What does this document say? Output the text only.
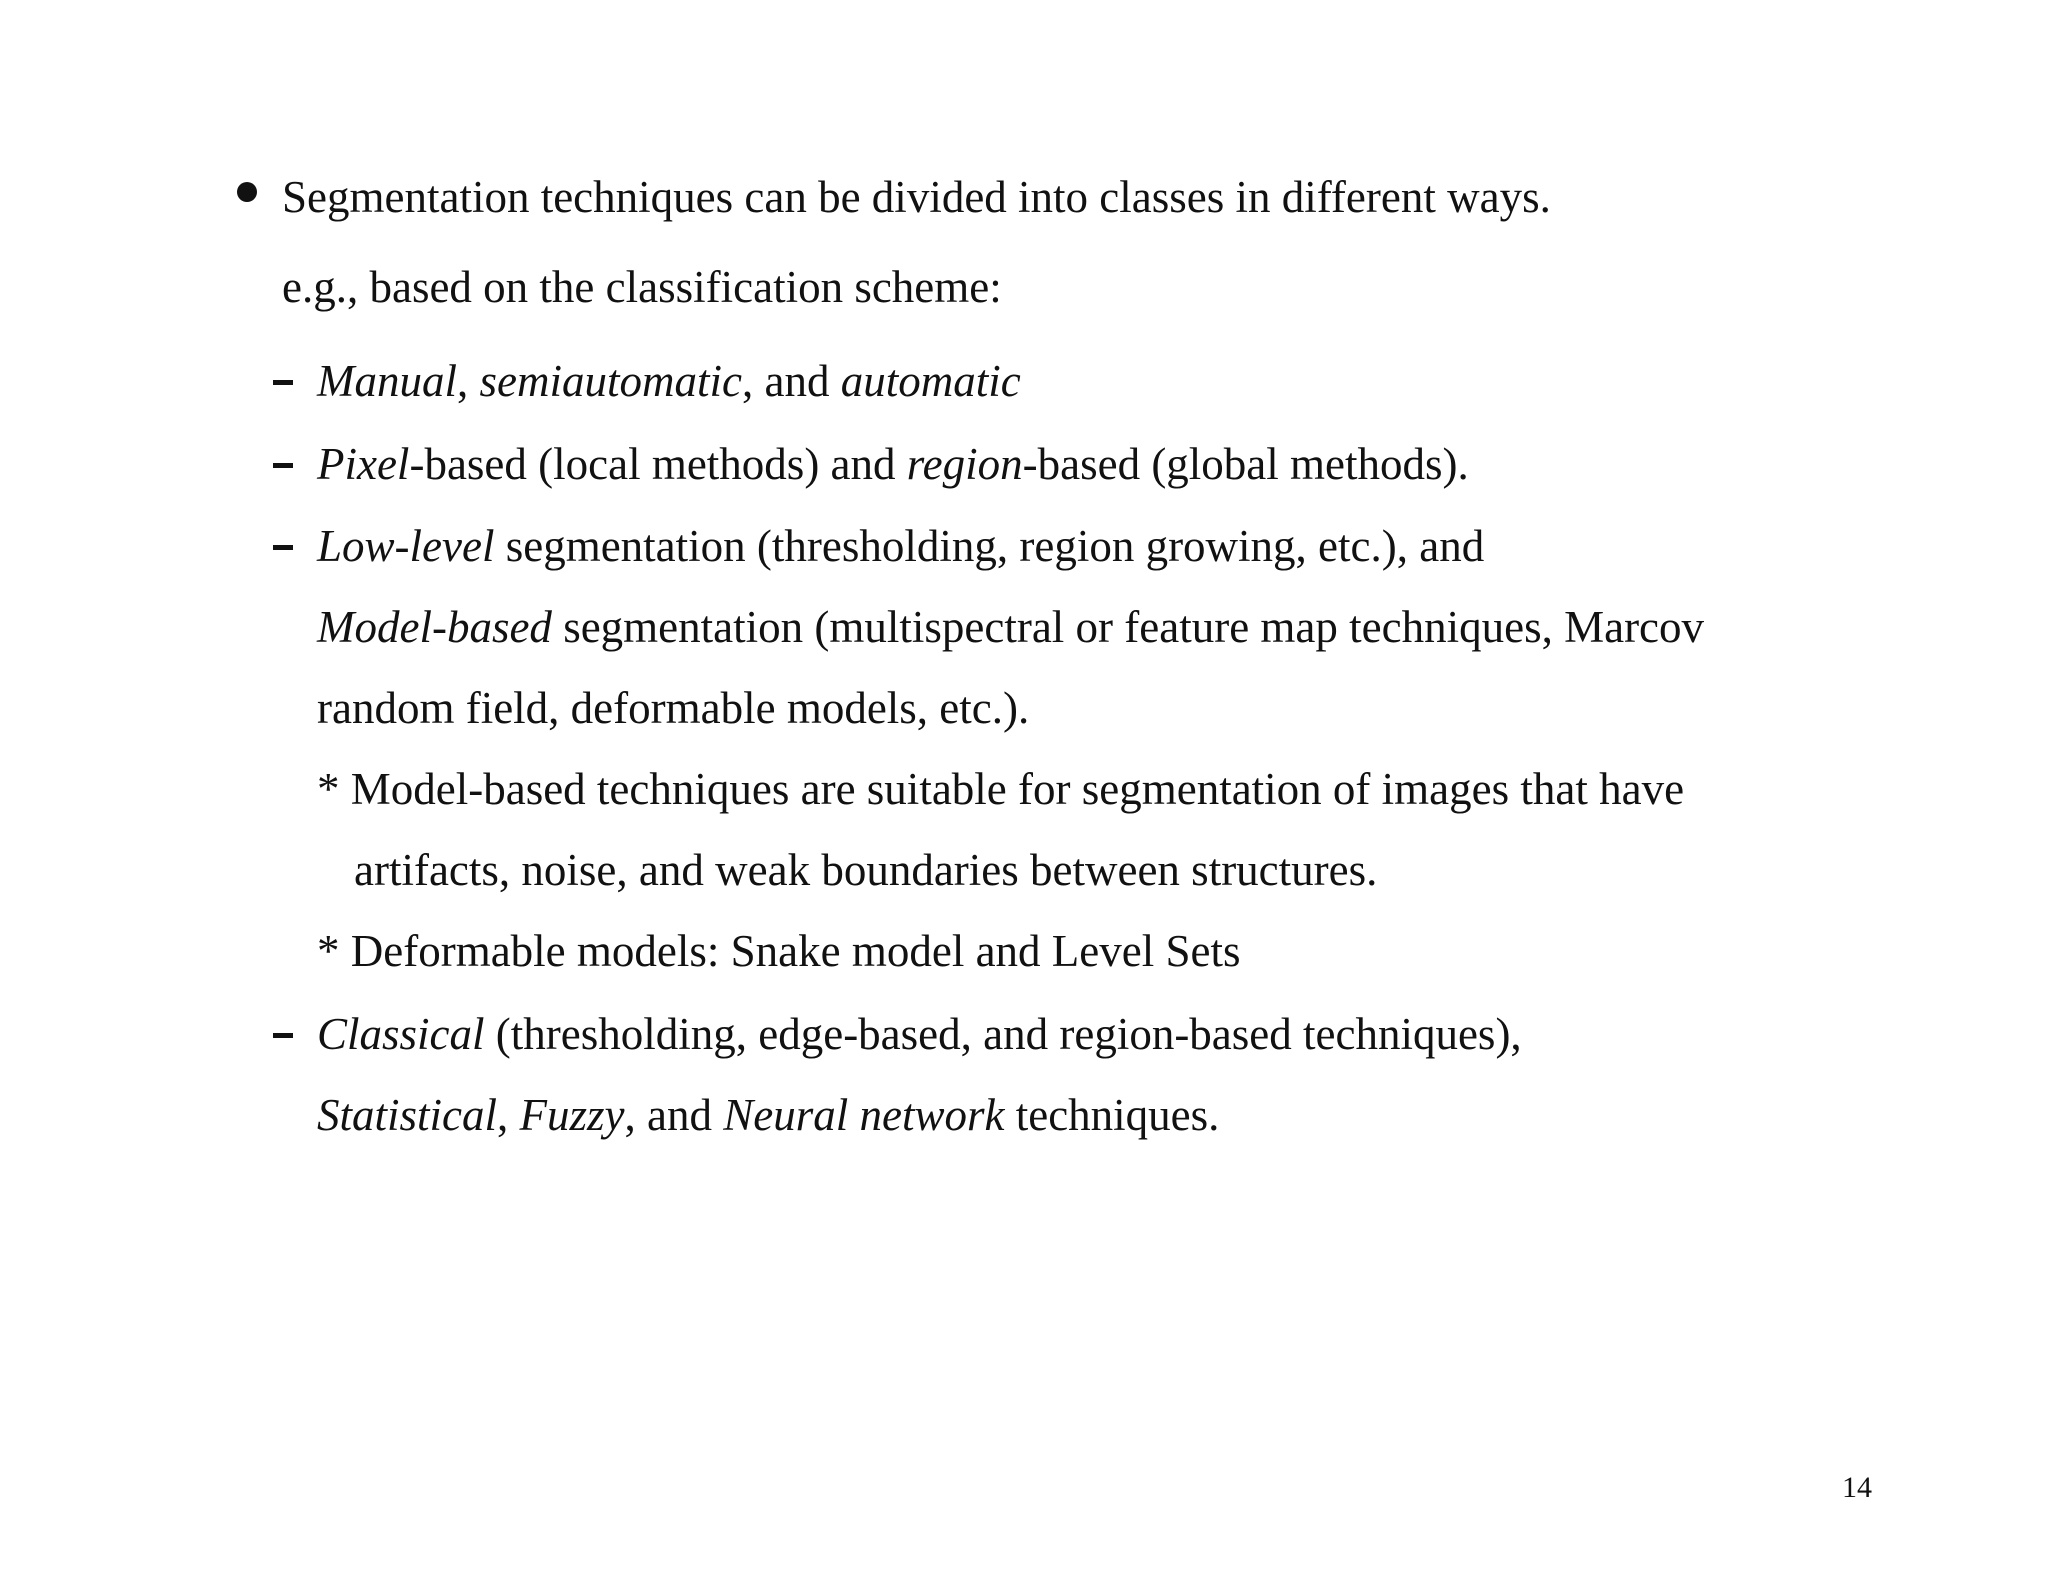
Segmentation techniques can be divided into classes in different ways.
e.g., based on the classification scheme:
Manual, semiautomatic, and automatic
Pixel-based (local methods) and region-based (global methods).
Low-level segmentation (thresholding, region growing, etc.), and
Model-based segmentation (multispectral or feature map techniques, Marcov
random field, deformable models, etc.).
* Model-based techniques are suitable for segmentation of images that have
artifacts, noise, and weak boundaries between structures.
* Deformable models: Snake model and Level Sets
Classical (thresholding, edge-based, and region-based techniques),
Statistical, Fuzzy, and Neural network techniques.
14
